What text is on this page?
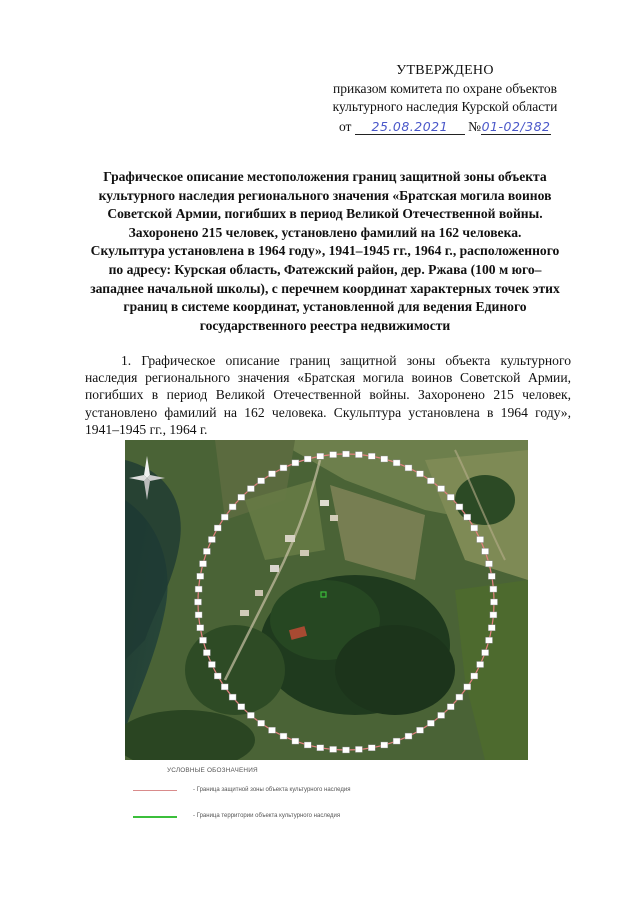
УТВЕРЖДЕНО
приказом комитета по охране объектов
культурного наследия Курской области
от 25.08.2021 №01-02/382
Графическое описание местоположения границ защитной зоны объекта культурного наследия регионального значения «Братская могила воинов Советской Армии, погибших в период Великой Отечественной войны. Захоронено 215 человек, установлено фамилий на 162 человека. Скульптура установлена в 1964 году», 1941–1945 гг., 1964 г., расположенного по адресу: Курская область, Фатежский район, дер. Ржава (100 м юго–западнее начальной школы), с перечнем координат характерных точек этих границ в системе координат, установленной для ведения Единого государственного реестра недвижимости
1. Графическое описание границ защитной зоны объекта культурного наследия регионального значения «Братская могила воинов Советской Армии, погибших в период Великой Отечественной войны. Захоронено 215 человек, установлено фамилий на 162 человека. Скульптура установлена в 1964 году», 1941–1945 гг., 1964 г.
УСЛОВНЫЕ ОБОЗНАЧЕНИЯ
- Граница защитной зоны объекта культурного наследия
- Граница территории объекта культурного наследия
